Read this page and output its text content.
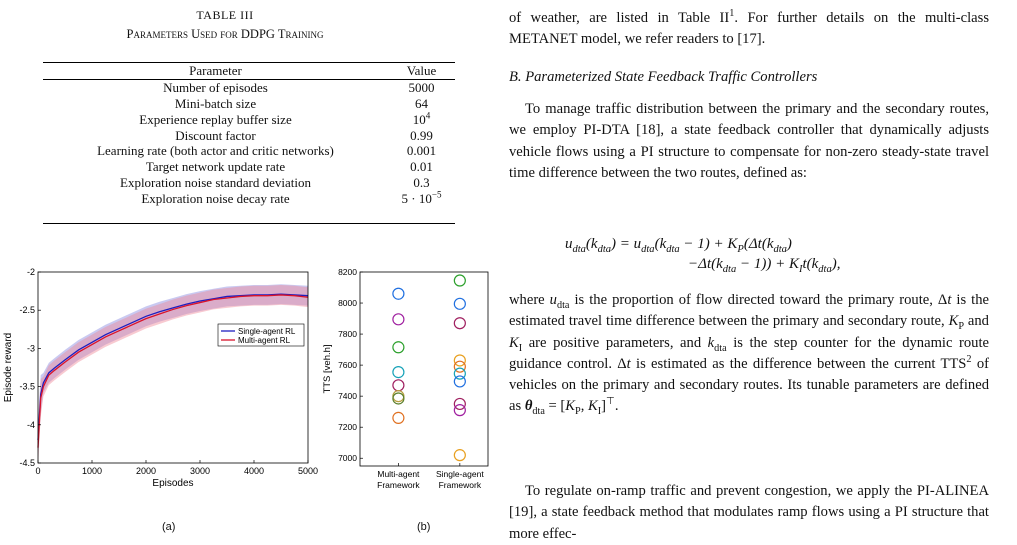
TABLE III
Parameters Used for DDPG Training
Parameter	Value
Number of episodes	5000
Mini-batch size	64
Experience replay buffer size	$10^4$
Discount factor	0.99
Learning rate (both actor and critic networks)	0.001
Target network update rate	0.01
Exploration noise standard deviation	0.3
Exploration noise decay rate	$5 \cdot 10^{-5}$
0	1000	2000	3000	4000	5000
-4.5
-4
-3.5
-3
-2.5
-2
Episodes
Episode reward
Single-agent RL
Multi-agent RL
(a)
7000
7200
7400
7600
7800
8000
8200
Multi-agent
Framework
Single-agent
Framework
TTS [veh.h]
(b)

of weather, are listed in Table $II^1$. For further details on the multi-class METANET model, we refer readers to [17].

B. Parameterized State Feedback Traffic Controllers

To manage traffic distribution between the primary and the secondary routes, we employ PI-DTA [18], a state feedback controller that dynamically adjusts vehicle flows using a PI structure to compensate for non-zero steady-state travel time difference between the two routes, defined as:

$u_{dta}(k_{dta}) = u_{dta}(k_{dta} - 1) + K_P(\Delta t(k_{dta})$
$-\Delta t(k_{dta} - 1)) + K_It(k_{dta})$,

where $u_{dta}$ is the proportion of flow directed toward the primary route, Δt is the estimated travel time difference between the primary and secondary route, $K_P$ and $K_I$ are positive parameters, and $k_{dta}$ is the step counter for the dynamic route guidance control. Δt is estimated as the difference between the current TTS$^2$ of vehicles on the primary and secondary routes. Its tunable parameters are defined as $\theta_{dta} = [K_P$, $K_I]^⊤$.

To regulate on-ramp traffic and prevent congestion, we apply the PI-ALINEA [19], a state feedback method that modulates ramp flows using a PI structure that more effec-
